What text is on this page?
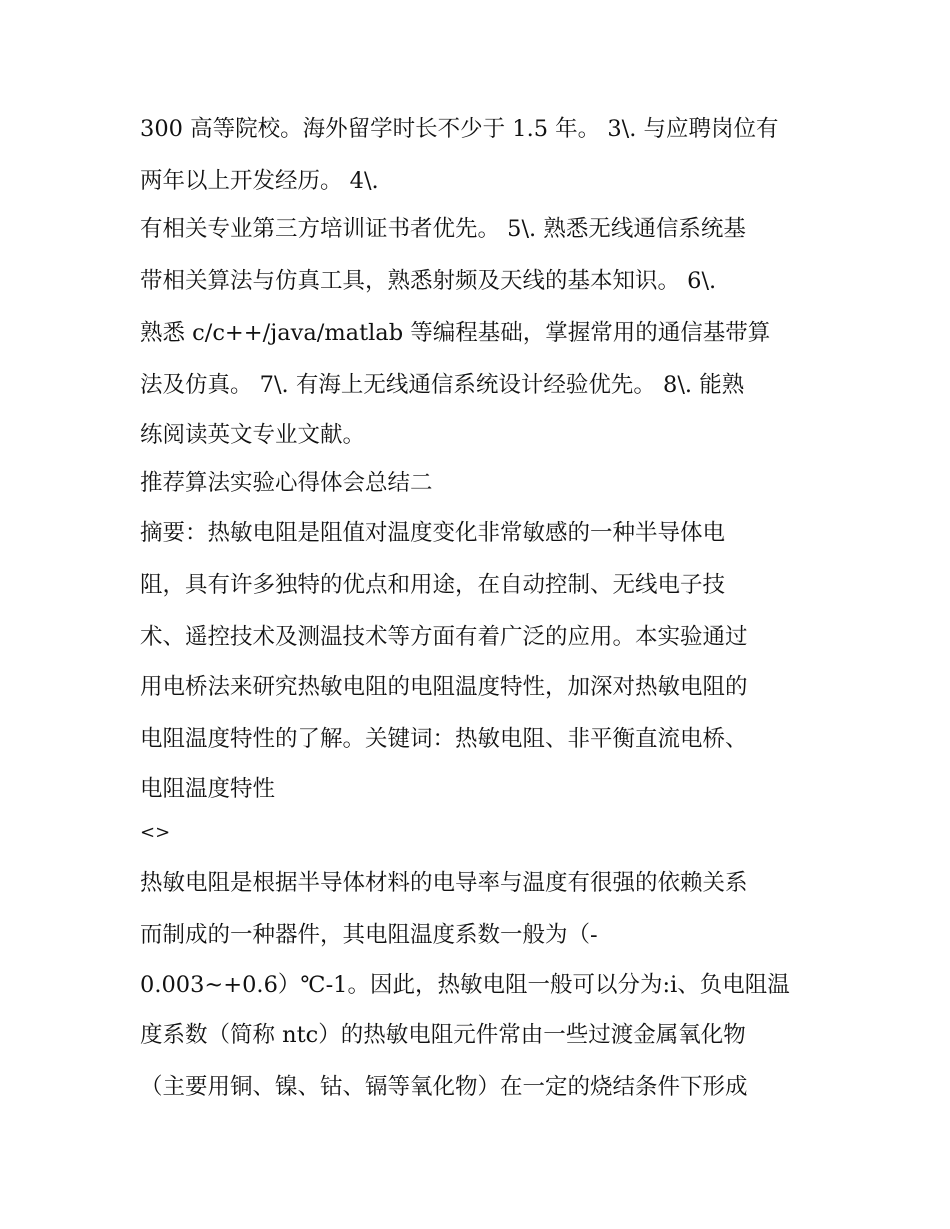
300 高等院校。海外留学时长不少于 1.5 年。 3\. 与应聘岗位有
两年以上开发经历。 4\.
有相关专业第三方培训证书者优先。 5\. 熟悉无线通信系统基
带相关算法与仿真工具，熟悉射频及天线的基本知识。 6\.
熟悉 c/c++/java/matlab 等编程基础，掌握常用的通信基带算
法及仿真。 7\. 有海上无线通信系统设计经验优先。 8\. 能熟
练阅读英文专业文献。
推荐算法实验心得体会总结二
摘要：热敏电阻是阻值对温度变化非常敏感的一种半导体电
阻，具有许多独特的优点和用途，在自动控制、无线电子技
术、遥控技术及测温技术等方面有着广泛的应用。本实验通过
用电桥法来研究热敏电阻的电阻温度特性，加深对热敏电阻的
电阻温度特性的了解。关键词：热敏电阻、非平衡直流电桥、
电阻温度特性
<>
热敏电阻是根据半导体材料的电导率与温度有很强的依赖关系
而制成的一种器件，其电阻温度系数一般为（-
0.003~+0.6）℃-1。因此，热敏电阻一般可以分为:ⅰ、负电阻温
度系数（简称 ntc）的热敏电阻元件常由一些过渡金属氧化物
（主要用铜、镍、钴、镉等氧化物）在一定的烧结条件下形成
